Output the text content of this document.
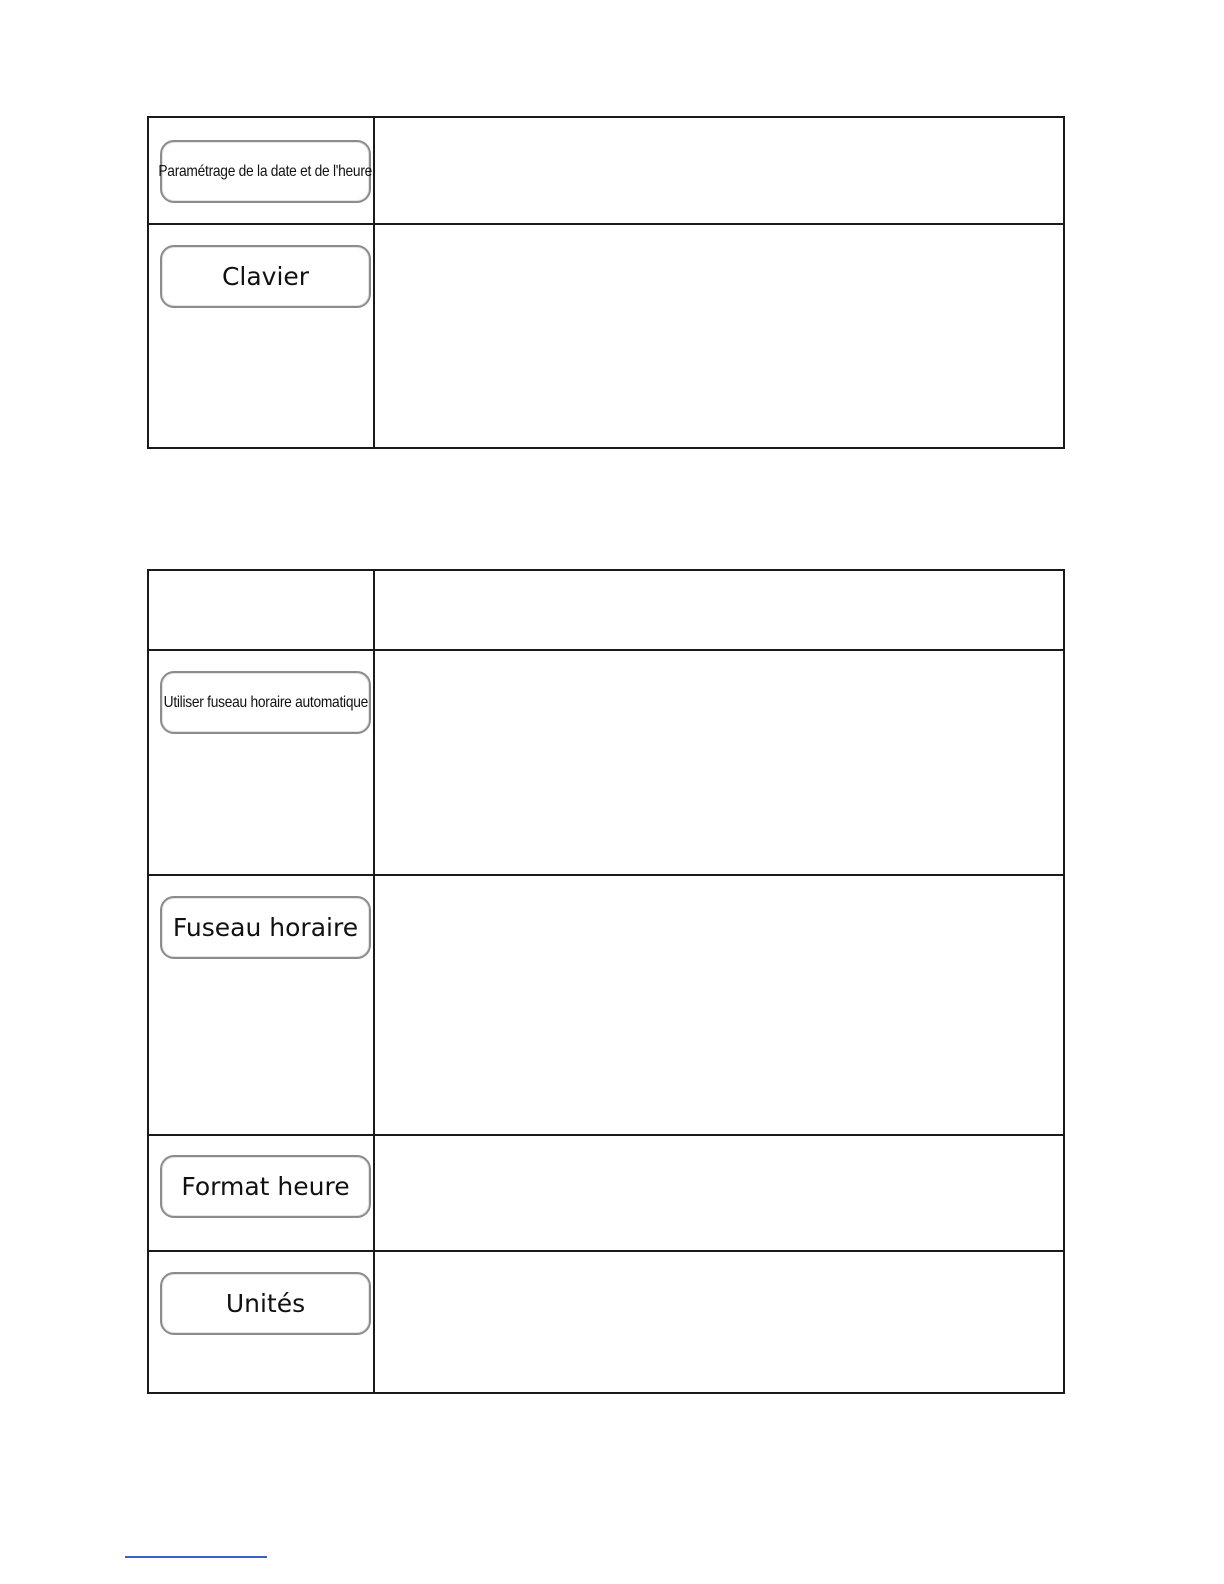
Paramétrage de la date et de l'heure
Clavier
Utiliser fuseau horaire automatique
Fuseau horaire
Format heure
Unités
